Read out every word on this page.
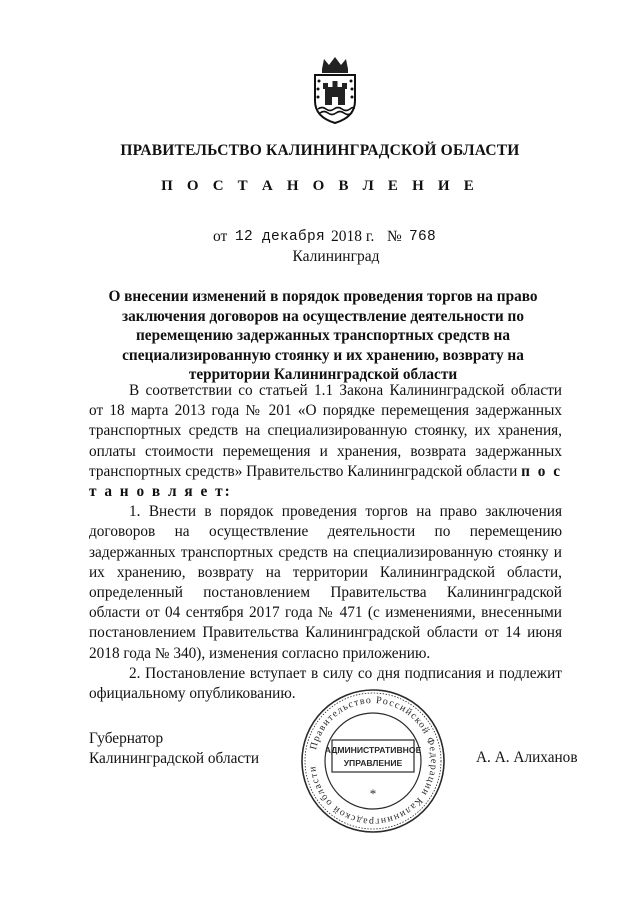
ПРАВИТЕЛЬСТВО КАЛИНИНГРАДСКОЙ ОБЛАСТИ
П О С Т А Н О В Л Е Н И Е
от 12 декабря 2018 г. № 768
Калининград
О внесении изменений в порядок проведения торгов на право заключения договоров на осуществление деятельности по перемещению задержанных транспортных средств на специализированную стоянку и их хранению, возврату на территории Калининградской области

В соответствии со статьей 1.1 Закона Калининградской области от 18 марта 2013 года № 201 «О порядке перемещения задержанных транспортных средств на специализированную стоянку, их хранения, оплаты стоимости перемещения и хранения, возврата задержанных транспортных средств» Правительство Калининградской области п о с т а н о в л я е т:

1. Внести в порядок проведения торгов на право заключения договоров на осуществление деятельности по перемещению задержанных транспортных средств на специализированную стоянку и их хранению, возврату на территории Калининградской области, определенный постановлением Правительства Калининградской области от 04 сентября 2017 года № 471 (с изменениями, внесенными постановлением Правительства Калининградской области от 14 июня 2018 года № 340), изменения согласно приложению.

2. Постановление вступает в силу со дня подписания и подлежит официальному опубликованию.

Губернатор
Калининградской области	А. А. Алиханов
Правительство Российской Федерации Калининградской области
АДМИНИСТРАТИВНОЕ
УПРАВЛЕНИЕ
*
